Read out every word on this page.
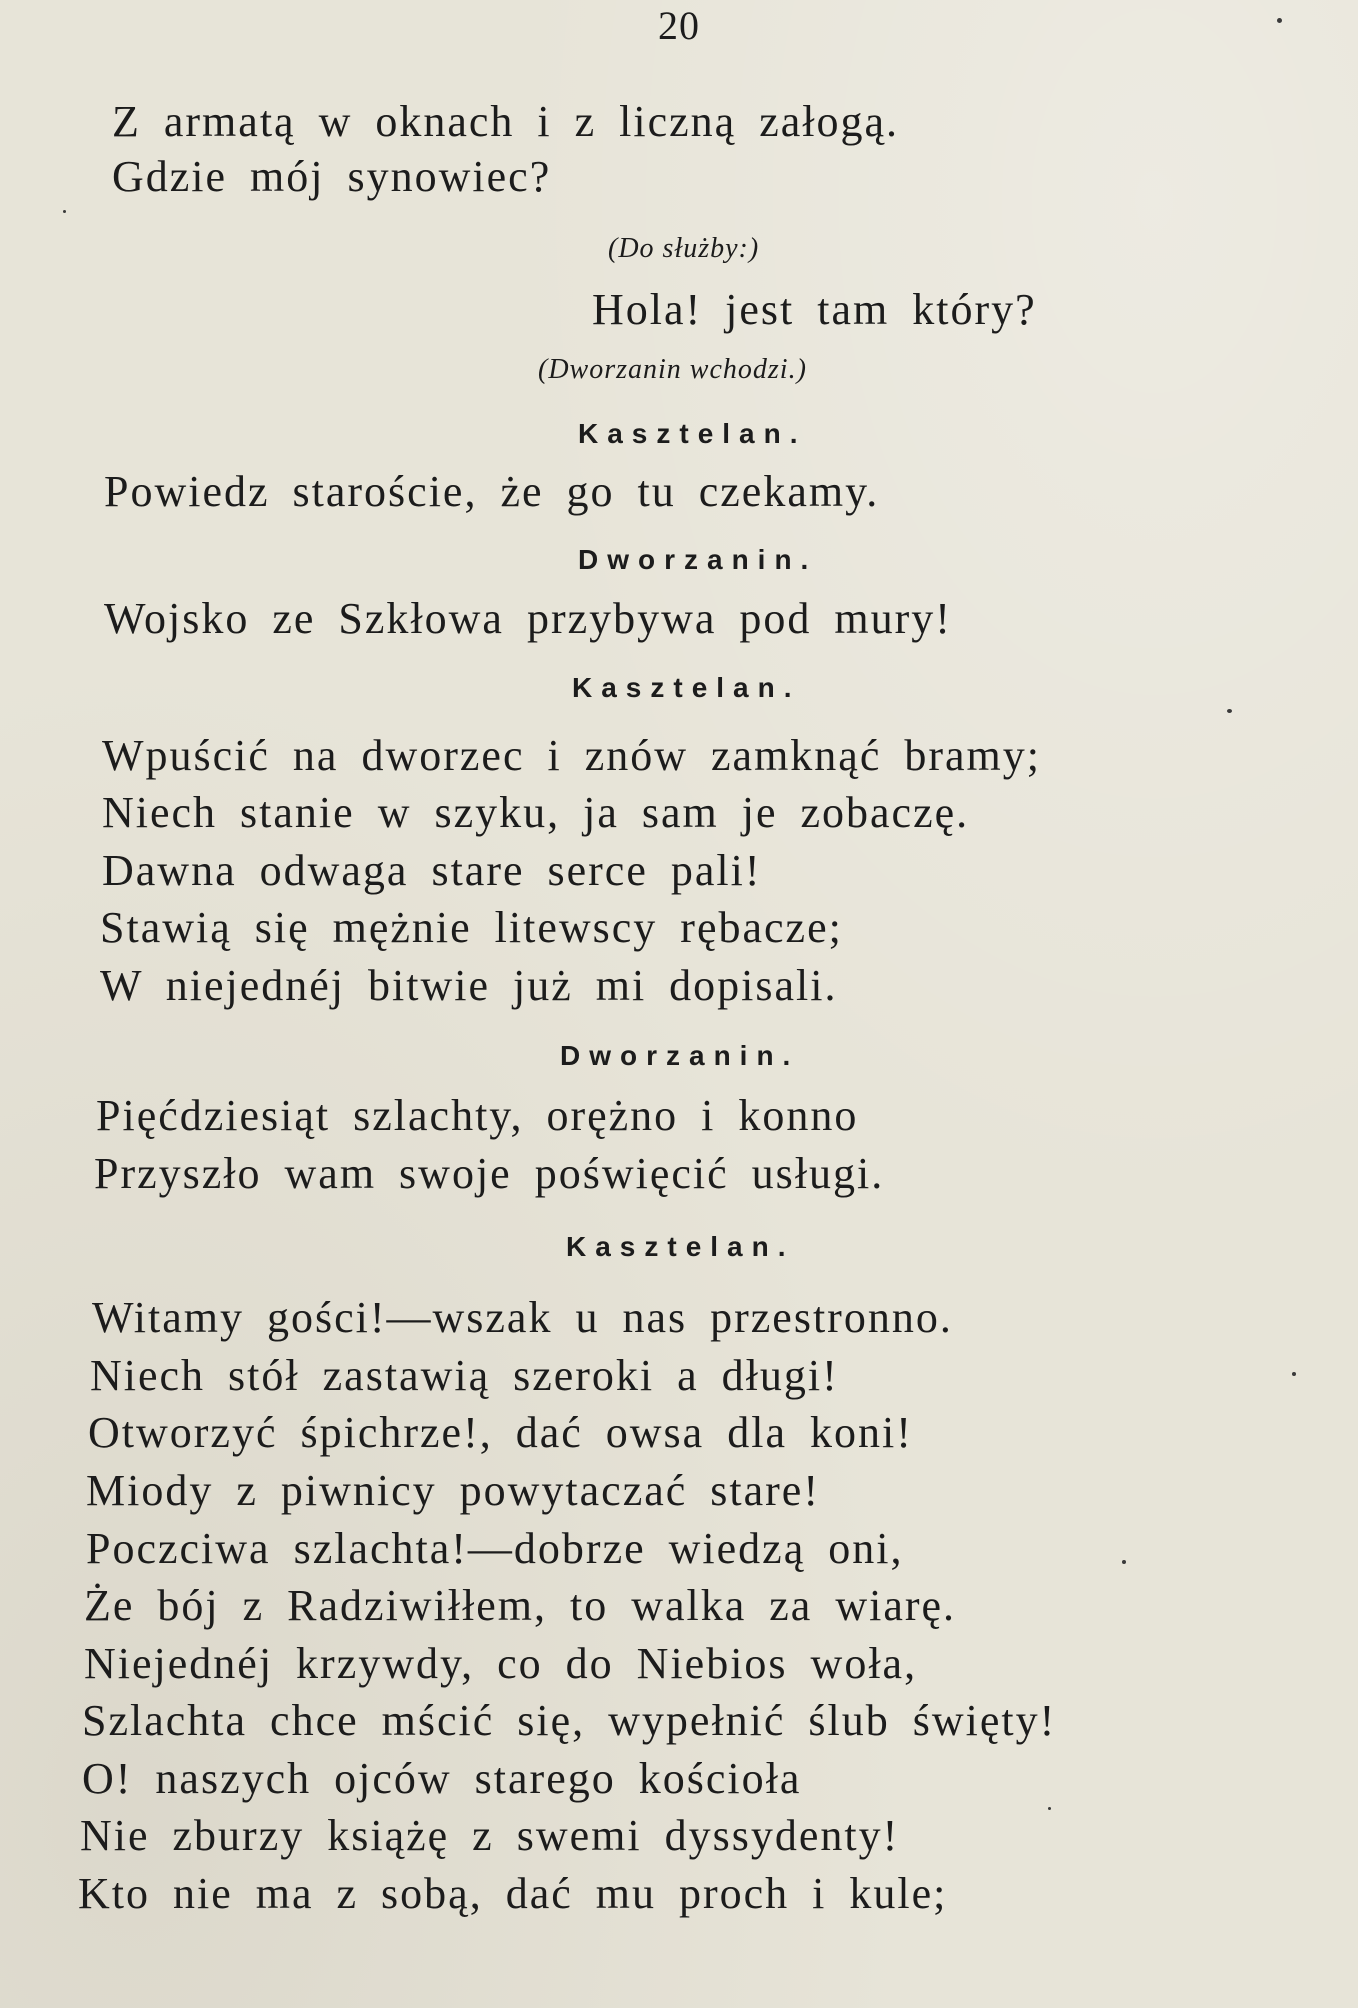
20
Z armatą w oknach i z liczną załogą.
Gdzie mój synowiec?
(Do służby:)
Hola! jest tam który?
(Dworzanin wchodzi.)
Kasztelan.
Powiedz staroście, że go tu czekamy.
Dworzanin.
Wojsko ze Szkłowa przybywa pod mury!
Kasztelan.
Wpuścić na dworzec i znów zamknąć bramy;
Niech stanie w szyku, ja sam je zobaczę.
Dawna odwaga stare serce pali!
Stawią się mężnie litewscy rębacze;
W niejednéj bitwie już mi dopisali.
Dworzanin.
Pięćdziesiąt szlachty, orężno i konno
Przyszło wam swoje poświęcić usługi.
Kasztelan.
Witamy gości!—wszak u nas przestronno.
Niech stół zastawią szeroki a długi!
Otworzyć śpichrze!, dać owsa dla koni!
Miody z piwnicy powytaczać stare!
Poczciwa szlachta!—dobrze wiedzą oni,
Że bój z Radziwiłłem, to walka za wiarę.
Niejednéj krzywdy, co do Niebios woła,
Szlachta chce mścić się, wypełnić ślub święty!
O! naszych ojców starego kościoła
Nie zburzy książę z swemi dyssydenty!
Kto nie ma z sobą, dać mu proch i kule;
